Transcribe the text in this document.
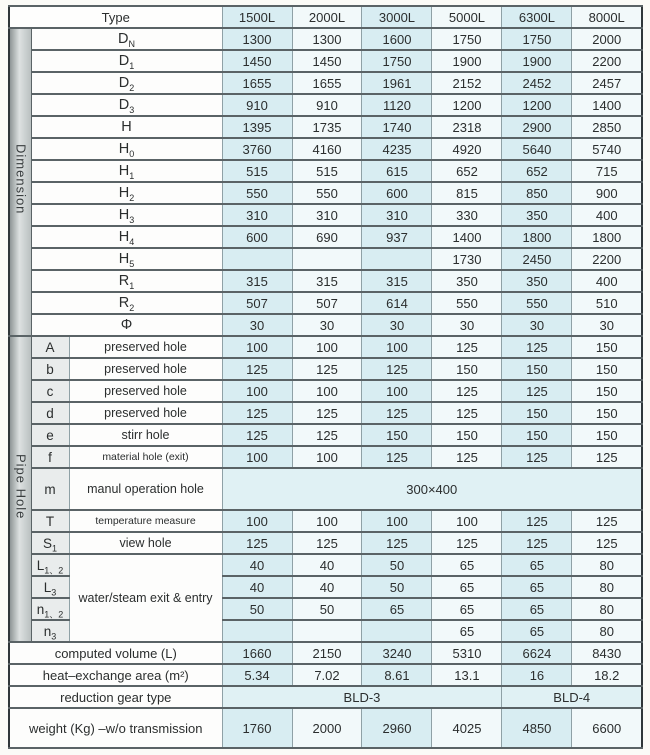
Type			1500L	2000L	3000L	5000L	6300L	8000L
Dimension	$D_N$		1300	1300	1600	1750	1750	2000
	$D_1$		1450	1450	1750	1900	1900	2200
	$D_2$		1655	1655	1961	2152	2452	2457
	$D_3$		910	910	1120	1200	1200	1400
	H		1395	1735	1740	2318	2900	2850
	$H_0$		3760	4160	4235	4920	5640	5740
	$H_1$		515	515	615	652	652	715
	$H_2$		550	550	600	815	850	900
	$H_3$		310	310	310	330	350	400
	$H_4$		600	690	937	1400	1800	1800
	$H_5$					1730	2450	2200
	$R_1$		315	315	315	350	350	400
	$R_2$		507	507	614	550	550	510
	Φ		30	30	30	30	30	30
Pipe Hole	A	preserved hole	100	100	100	125	125	150
	b	preserved hole	125	125	125	150	150	150
	c	preserved hole	100	100	100	125	125	150
	d	preserved hole	125	125	125	125	150	150
	e	stirr hole	125	125	150	150	150	150
	f	material hole (exit)	100	100	125	125	125	125
	m	manul operation hole	300×400					
	T	temperature measure	100	100	100	100	125	125
	$S_1$	view hole	125	125	125	125	125	125
	$L_{1、2}$	water/steam exit & entry	40	40	50	65	65	80
	$L_3$		40	40	50	65	65	80
	$n_{1、2}$		50	50	65	65	65	80
	$n_3$					65	65	80
computed volume (L)			1660	2150	3240	5310	6624	8430
heat–exchange area (m²)			5.34	7.02	8.61	13.1	16	18.2
reduction gear type			BLD-3				BLD-4	
weight (Kg) –w/o transmission			1760	2000	2960	4025	4850	6600
